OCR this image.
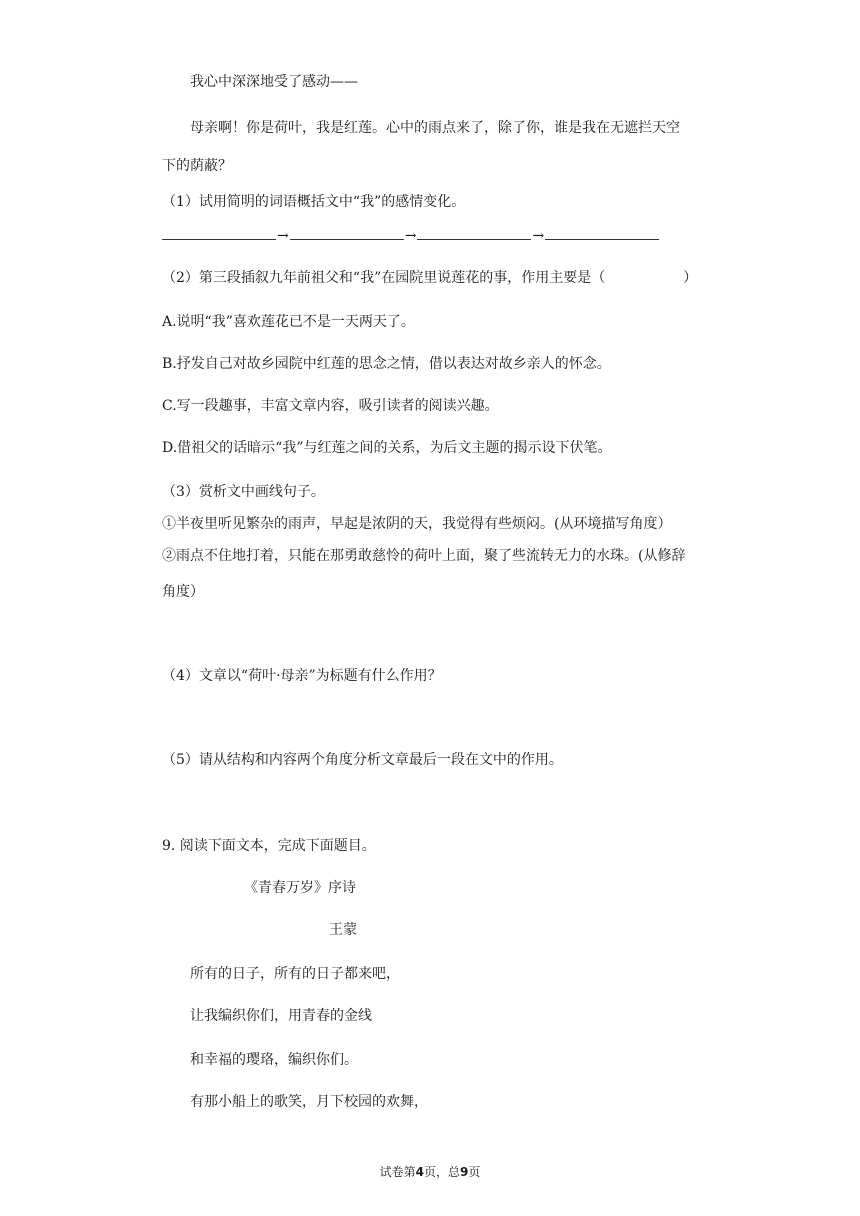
我心中深深地受了感动——
母亲啊！你是荷叶，我是红莲。心中的雨点来了，除了你，谁是我在无遮拦天空
下的荫蔽？
（1）试用简明的词语概括文中“我”的感情变化。
→	→	→
（2）第三段插叙九年前祖父和“我”在园院里说莲花的事，作用主要是（	）
A.说明“我”喜欢莲花已不是一天两天了。
B.抒发自己对故乡园院中红莲的思念之情，借以表达对故乡亲人的怀念。
C.写一段趣事，丰富文章内容，吸引读者的阅读兴趣。
D.借祖父的话暗示“我”与红莲之间的关系，为后文主题的揭示设下伏笔。
（3）赏析文中画线句子。
①半夜里听见繁杂的雨声，早起是浓阴的天，我觉得有些烦闷。(从环境描写角度）
②雨点不住地打着，只能在那勇敢慈怜的荷叶上面，聚了些流转无力的水珠。(从修辞
角度）
（4）文章以“荷叶·母亲”为标题有什么作用？
（5）请从结构和内容两个角度分析文章最后一段在文中的作用。
9. 阅读下面文本，完成下面题目。
《青春万岁》序诗
王蒙
所有的日子，所有的日子都来吧，
让我编织你们，用青春的金线
和幸福的璎珞，编织你们。
有那小船上的歌笑，月下校园的欢舞，
试卷第4页，总9页
